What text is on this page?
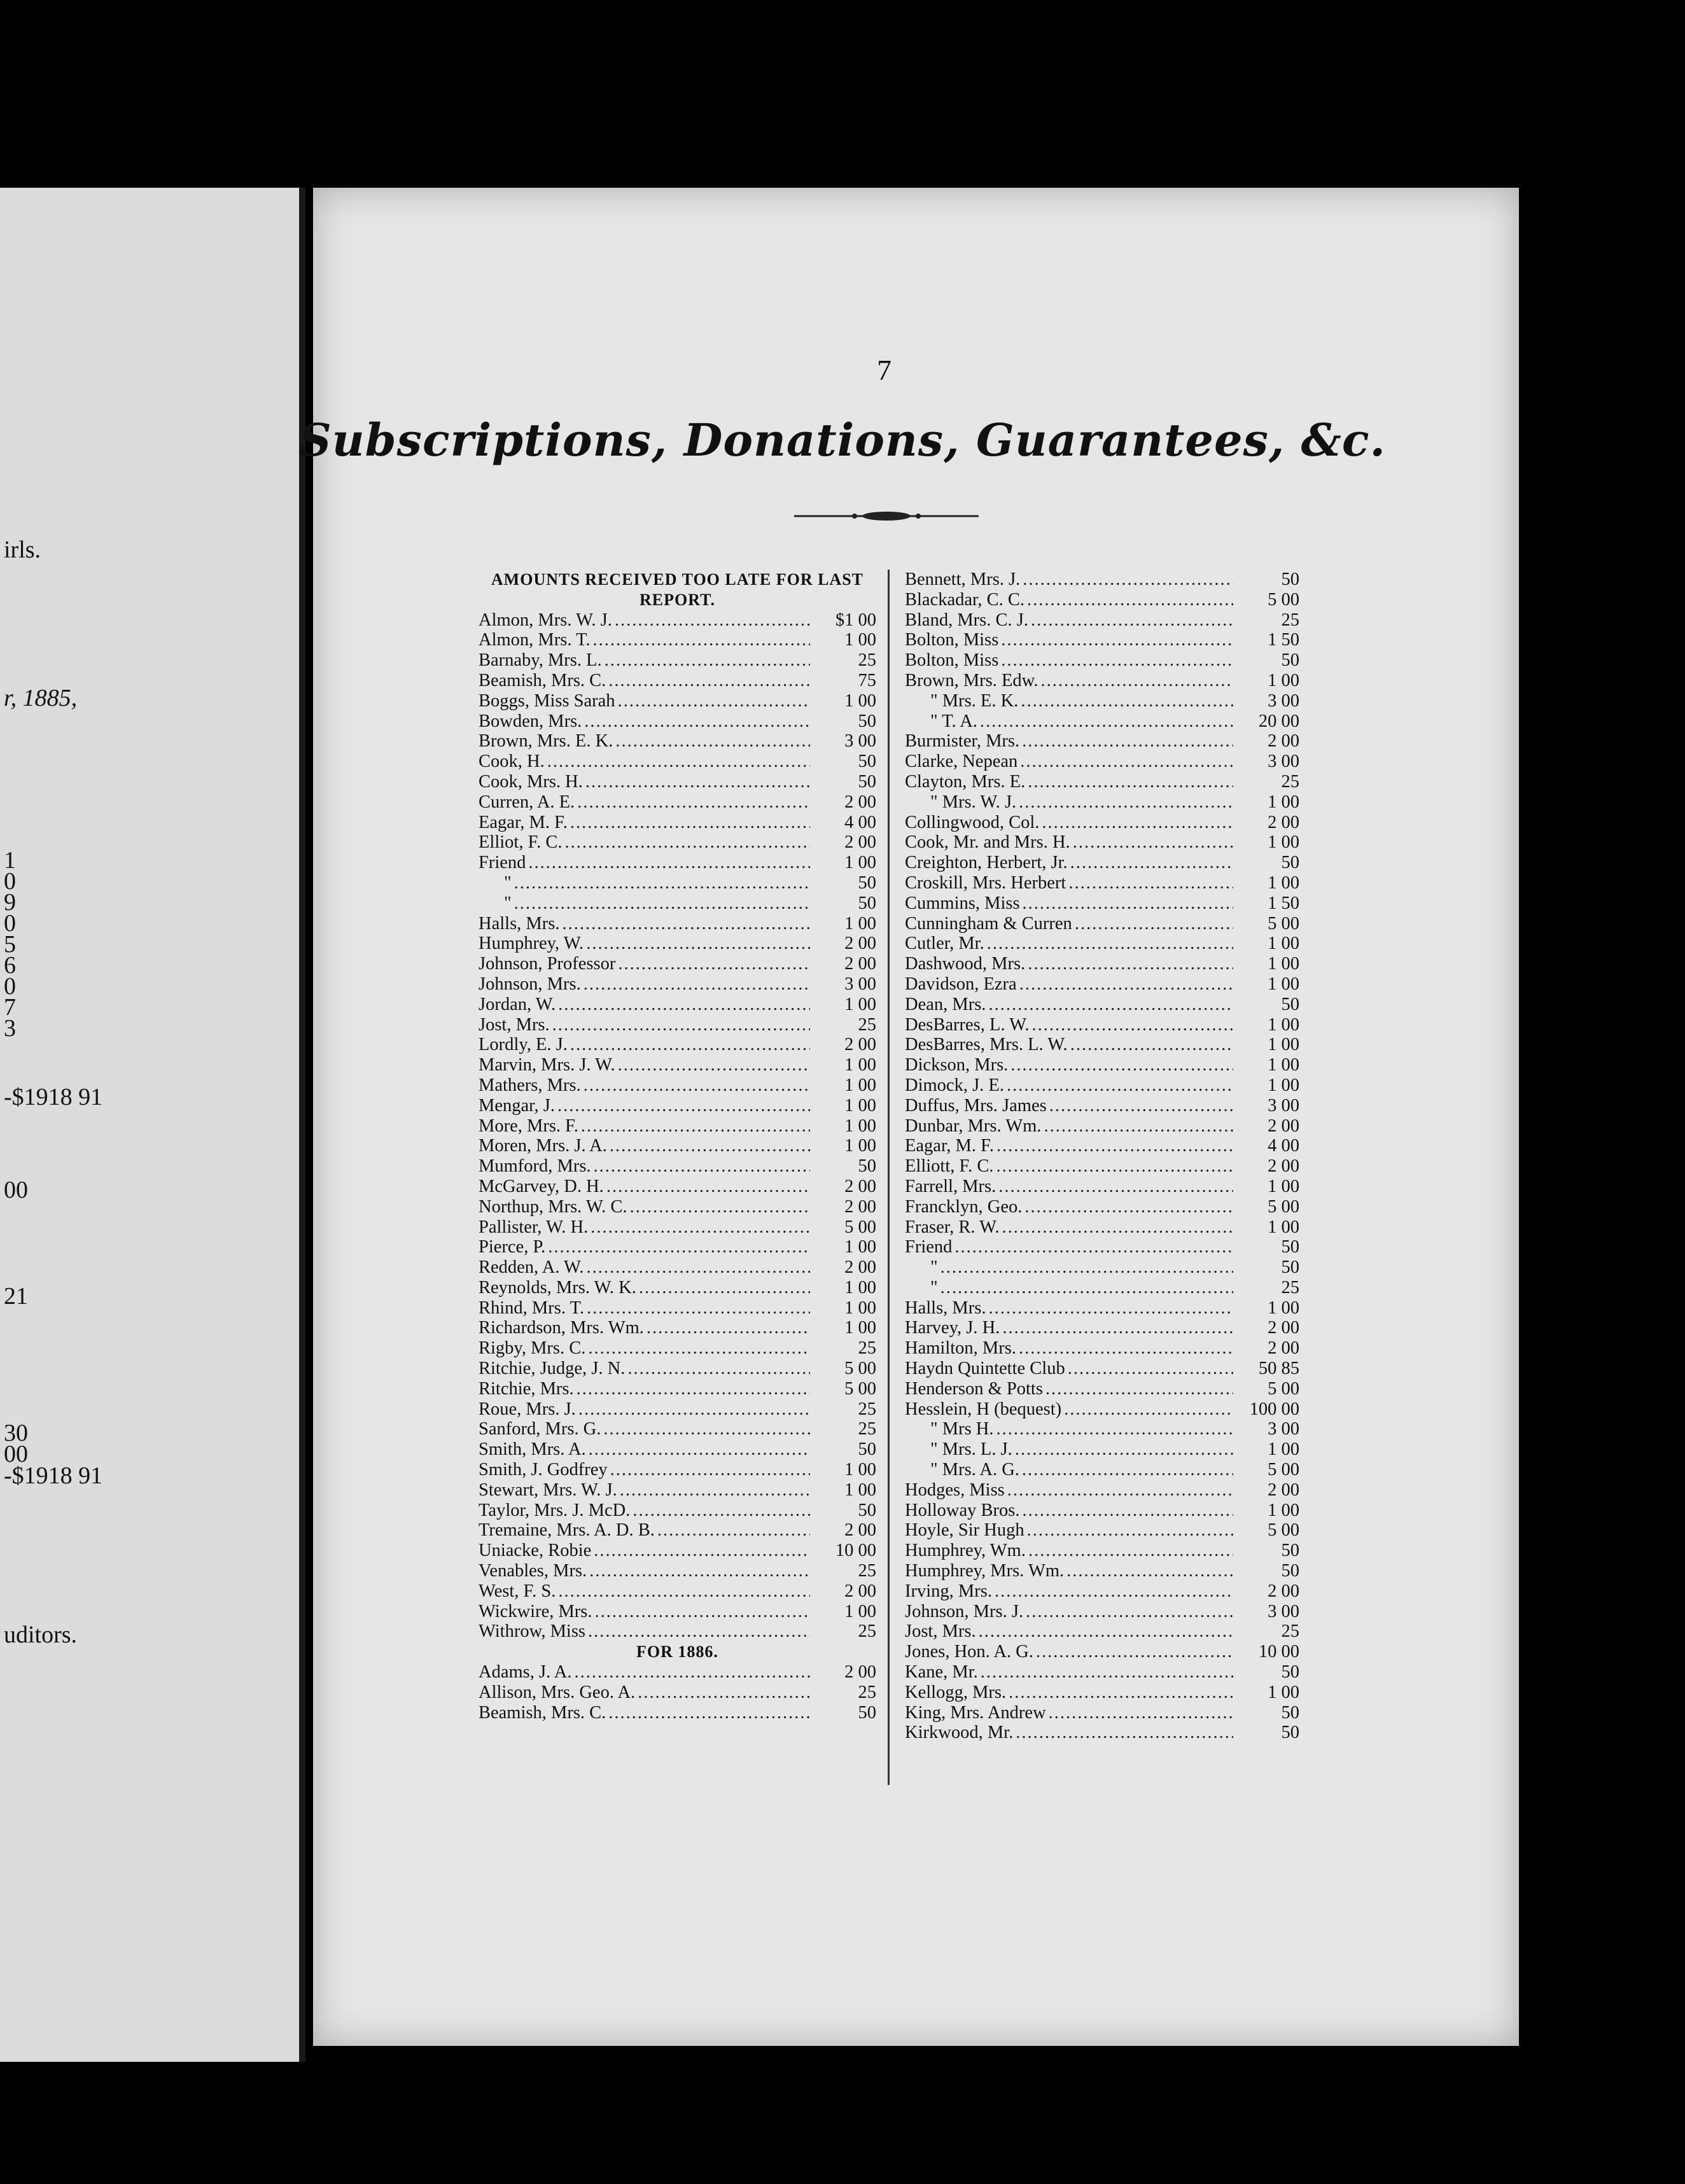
irls.
r, 1885,
1
0
9
0
5
6
0
7
3
-$1918 91
00
21
30
00
-$1918 91
uditors.
7
Subscriptions, Donations, Guarantees, &c.
AMOUNTS RECEIVED TOO LATE FOR LAST REPORT.
Almon, Mrs. W. J. .....	$1 00
Almon, Mrs. T. .....	1 00
Barnaby, Mrs. L. .....	25
Beamish, Mrs. C. .....	75
Boggs, Miss Sarah .....	1 00
Bowden, Mrs. .....	50
Brown, Mrs. E. K. .....	3 00
Cook, H. .....	50
Cook, Mrs. H. .....	50
Curren, A. E. .....	2 00
Eagar, M. F. .....	4 00
Elliot, F. C. .....	2 00
Friend .....	1 00
" .....	50
" .....	50
Halls, Mrs. .....	1 00
Humphrey, W. .....	2 00
Johnson, Professor .....	2 00
Johnson, Mrs. .....	3 00
Jordan, W. .....	1 00
Jost, Mrs. .....	25
Lordly, E. J. .....	2 00
Marvin, Mrs. J. W. .....	1 00
Mathers, Mrs. .....	1 00
Mengar, J. .....	1 00
More, Mrs. F. .....	1 00
Moren, Mrs. J. A. .....	1 00
Mumford, Mrs. .....	50
McGarvey, D. H. .....	2 00
Northup, Mrs. W. C. .....	2 00
Pallister, W. H. .....	5 00
Pierce, P. .....	1 00
Redden, A. W. .....	2 00
Reynolds, Mrs. W. K. .....	1 00
Rhind, Mrs. T. .....	1 00
Richardson, Mrs. Wm. .....	1 00
Rigby, Mrs. C. .....	25
Ritchie, Judge, J. N. .....	5 00
Ritchie, Mrs. .....	5 00
Roue, Mrs. J. .....	25
Sanford, Mrs. G. .....	25
Smith, Mrs. A. .....	50
Smith, J. Godfrey .....	1 00
Stewart, Mrs. W. J. .....	1 00
Taylor, Mrs. J. McD. .....	50
Tremaine, Mrs. A. D. B. .....	2 00
Uniacke, Robie .....	10 00
Venables, Mrs. .....	25
West, F. S. .....	2 00
Wickwire, Mrs. .....	1 00
Withrow, Miss .....	25
FOR 1886.
Adams, J. A. .....	2 00
Allison, Mrs. Geo. A. .....	25
Beamish, Mrs. C. .....	50
Bennett, Mrs. J. .....	50
Blackadar, C. C. .....	5 00
Bland, Mrs. C. J. .....	25
Bolton, Miss .....	1 50
Bolton, Miss .....	50
Brown, Mrs. Edw. .....	1 00
" Mrs. E. K. .....	3 00
" T. A. .....	20 00
Burmister, Mrs. .....	2 00
Clarke, Nepean .....	3 00
Clayton, Mrs. E. .....	25
" Mrs. W. J. .....	1 00
Collingwood, Col. .....	2 00
Cook, Mr. and Mrs. H. .....	1 00
Creighton, Herbert, Jr. .....	50
Croskill, Mrs. Herbert .....	1 00
Cummins, Miss .....	1 50
Cunningham & Curren .....	5 00
Cutler, Mr. .....	1 00
Dashwood, Mrs. .....	1 00
Davidson, Ezra .....	1 00
Dean, Mrs. .....	50
DesBarres, L. W. .....	1 00
DesBarres, Mrs. L. W. .....	1 00
Dickson, Mrs. .....	1 00
Dimock, J. E. .....	1 00
Duffus, Mrs. James .....	3 00
Dunbar, Mrs. Wm. .....	2 00
Eagar, M. F. .....	4 00
Elliott, F. C. .....	2 00
Farrell, Mrs. .....	1 00
Francklyn, Geo. .....	5 00
Fraser, R. W. .....	1 00
Friend .....	50
" .....	50
" .....	25
Halls, Mrs. .....	1 00
Harvey, J. H. .....	2 00
Hamilton, Mrs. .....	2 00
Haydn Quintette Club .....	50 85
Henderson & Potts .....	5 00
Hesslein, H (bequest) .....	100 00
" Mrs H. .....	3 00
" Mrs. L. J. .....	1 00
" Mrs. A. G. .....	5 00
Hodges, Miss .....	2 00
Holloway Bros. .....	1 00
Hoyle, Sir Hugh .....	5 00
Humphrey, Wm. .....	50
Humphrey, Mrs. Wm. .....	50
Irving, Mrs. .....	2 00
Johnson, Mrs. J. .....	3 00
Jost, Mrs. .....	25
Jones, Hon. A. G. .....	10 00
Kane, Mr. .....	50
Kellogg, Mrs. .....	1 00
King, Mrs. Andrew .....	50
Kirkwood, Mr. .....	50
